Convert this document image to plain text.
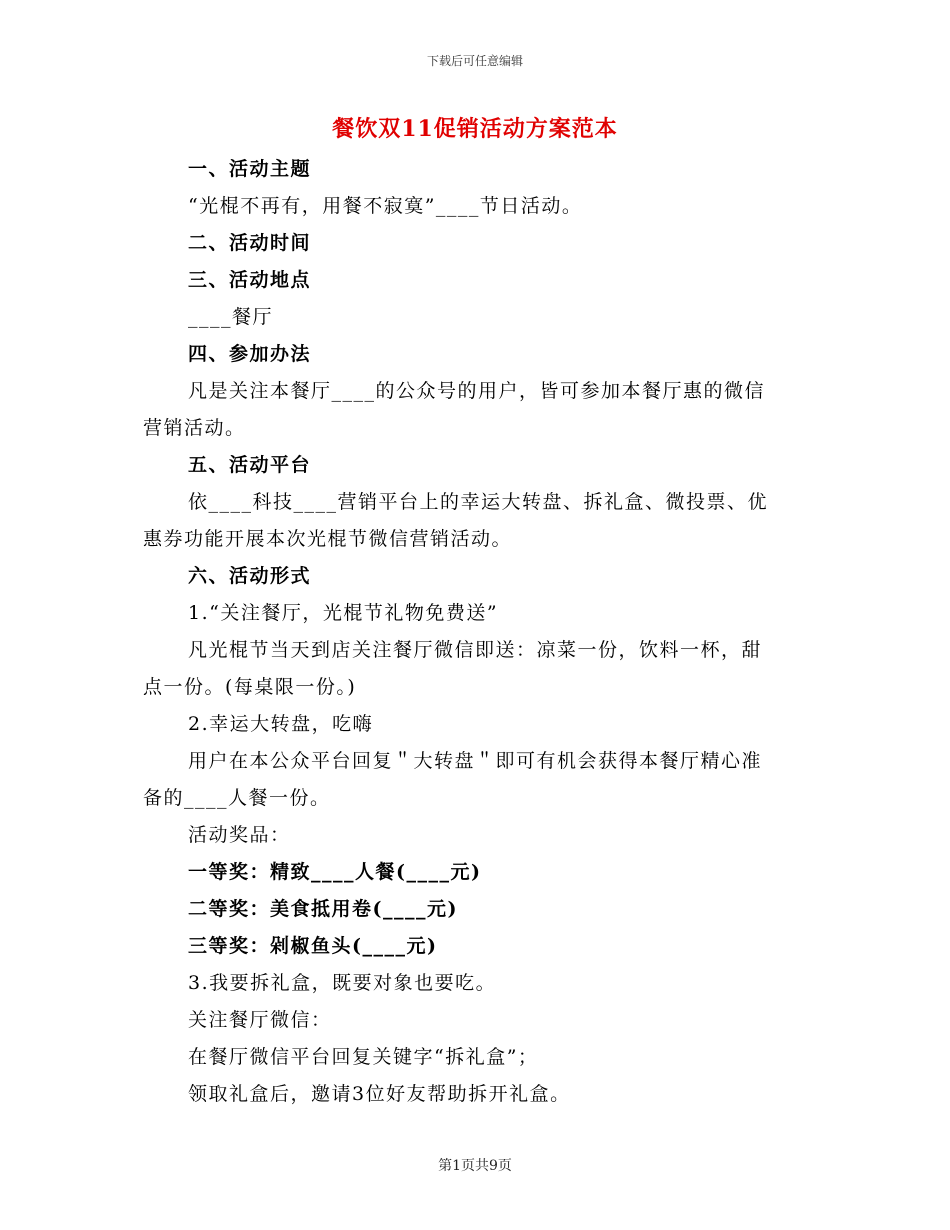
下载后可任意编辑
餐饮双11促销活动方案范本
一、活动主题
“光棍不再有，用餐不寂寞”____节日活动。
二、活动时间
三、活动地点
____餐厅
四、参加办法
凡是关注本餐厅____的公众号的用户，皆可参加本餐厅惠的微信
营销活动。
五、活动平台
依____科技____营销平台上的幸运大转盘、拆礼盒、微投票、优
惠券功能开展本次光棍节微信营销活动。
六、活动形式
1.“关注餐厅，光棍节礼物免费送”
凡光棍节当天到店关注餐厅微信即送：凉菜一份，饮料一杯，甜
点一份。(每桌限一份。)
2.幸运大转盘，吃嗨
用户在本公众平台回复＂大转盘＂即可有机会获得本餐厅精心准
备的____人餐一份。
活动奖品：
一等奖：精致____人餐(____元)
二等奖：美食抵用卷(____元)
三等奖：剁椒鱼头(____元)
3.我要拆礼盒，既要对象也要吃。
关注餐厅微信：
在餐厅微信平台回复关键字“拆礼盒”；
领取礼盒后，邀请3位好友帮助拆开礼盒。
第1页共9页
